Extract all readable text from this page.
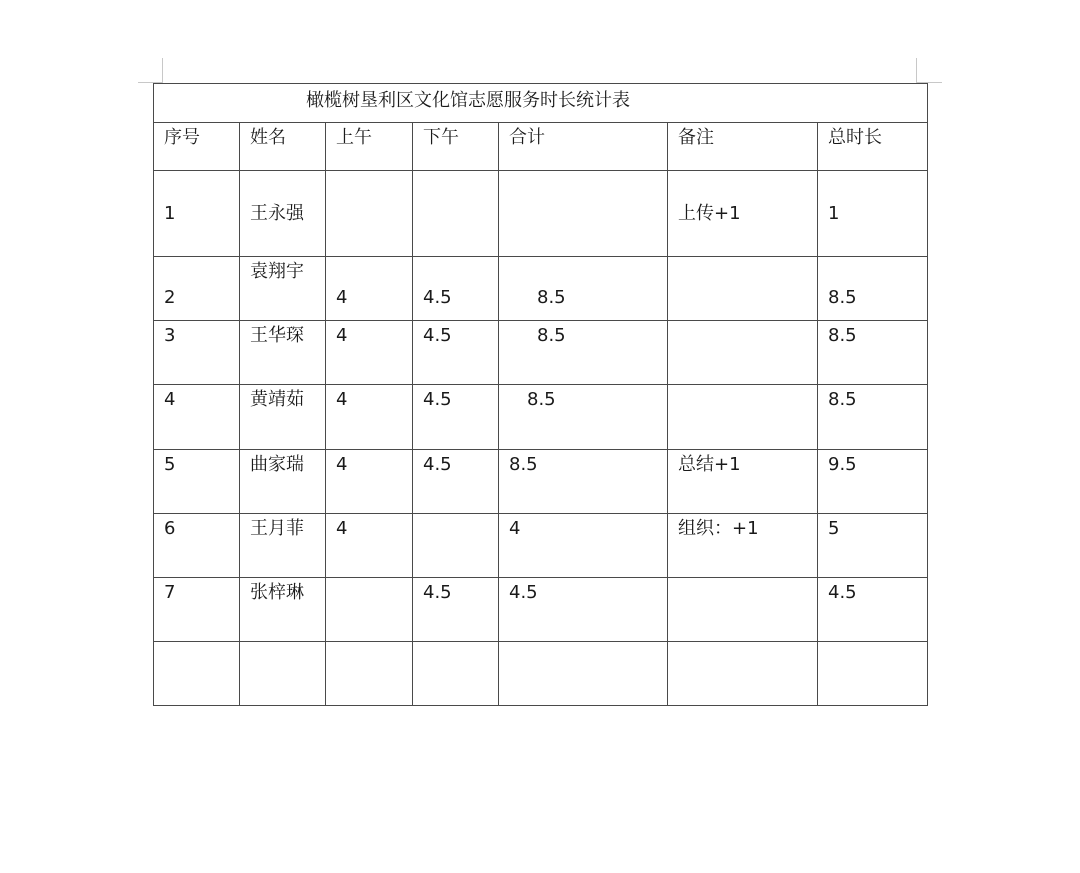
橄榄树垦利区文化馆志愿服务时长统计表						

序号	姓名	上午	下午	合计	备注	总时长

1	王永强				上传+1	1

2	袁翔宇	4	4.5	8.5		8.5

3	王华琛	4	4.5	8.5		8.5

4	黄靖茹	4	4.5	8.5		8.5

5	曲家瑞	4	4.5	8.5	总结+1	9.5

6	王月菲	4		4	组织：+1	5

7	张梓琳		4.5	4.5		4.5
